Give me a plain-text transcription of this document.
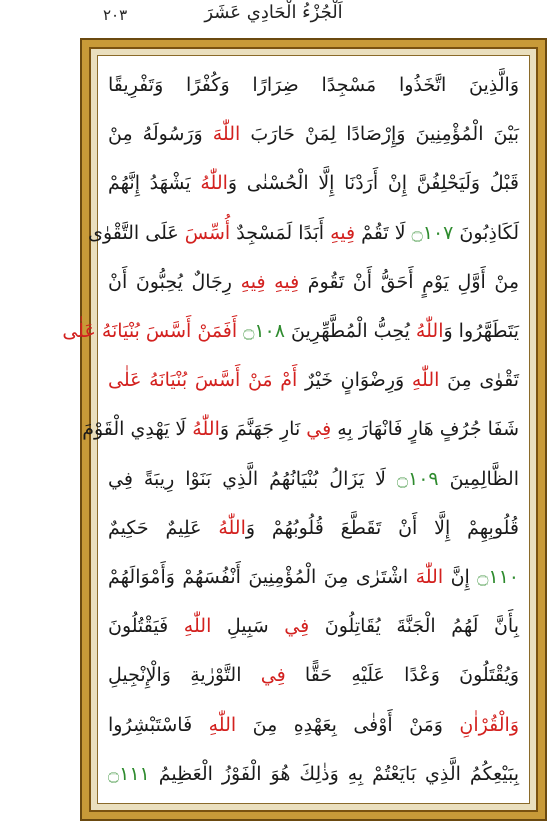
٢٠٣	اَلْجُزْءُ الْحَادِي عَشَرَ
وَالَّذِينَ اتَّخَذُوا مَسْجِدًا ضِرَارًا وَكُفْرًا وَتَفْرِيقًا
بَيْنَ الْمُؤْمِنِينَ وَإِرْصَادًا لِمَنْ حَارَبَ اللّٰهَ وَرَسُولَهُ مِنْ
قَبْلُ وَلَيَحْلِفُنَّ إِنْ أَرَدْنَا إِلَّا الْحُسْنٰى وَاللّٰهُ يَشْهَدُ إِنَّهُمْ
لَكَاذِبُونَ ۝١٠٧ لَا تَقُمْ فِيهِ أَبَدًا لَمَسْجِدٌ أُسِّسَ عَلَى التَّقْوٰى
مِنْ أَوَّلِ يَوْمٍ أَحَقُّ أَنْ تَقُومَ فِيهِ فِيهِ رِجَالٌ يُحِبُّونَ أَنْ
يَتَطَهَّرُوا وَاللّٰهُ يُحِبُّ الْمُطَّهِّرِينَ ۝١٠٨ أَفَمَنْ أَسَّسَ بُنْيَانَهُ عَلٰى
تَقْوٰى مِنَ اللّٰهِ وَرِضْوَانٍ خَيْرٌ أَمْ مَنْ أَسَّسَ بُنْيَانَهُ عَلٰى
شَفَا جُرُفٍ هَارٍ فَانْهَارَ بِهِ فِي نَارِ جَهَنَّمَ وَاللّٰهُ لَا يَهْدِي الْقَوْمَ
الظَّالِمِينَ ۝١٠٩ لَا يَزَالُ بُنْيَانُهُمُ الَّذِي بَنَوْا رِيبَةً فِي
قُلُوبِهِمْ إِلَّا أَنْ تَقَطَّعَ قُلُوبُهُمْ وَاللّٰهُ عَلِيمٌ حَكِيمٌ
۝١١٠ إِنَّ اللّٰهَ اشْتَرٰى مِنَ الْمُؤْمِنِينَ أَنْفُسَهُمْ وَأَمْوَالَهُمْ
بِأَنَّ لَهُمُ الْجَنَّةَ يُقَاتِلُونَ فِي سَبِيلِ اللّٰهِ فَيَقْتُلُونَ
وَيُقْتَلُونَ وَعْدًا عَلَيْهِ حَقًّا فِي التَّوْرٰيةِ وَالْإِنْجِيلِ
وَالْقُرْاٰنِ وَمَنْ أَوْفٰى بِعَهْدِهِ مِنَ اللّٰهِ فَاسْتَبْشِرُوا
بِبَيْعِكُمُ الَّذِي بَايَعْتُمْ بِهِ وَذٰلِكَ هُوَ الْفَوْزُ الْعَظِيمُ ۝١١١
